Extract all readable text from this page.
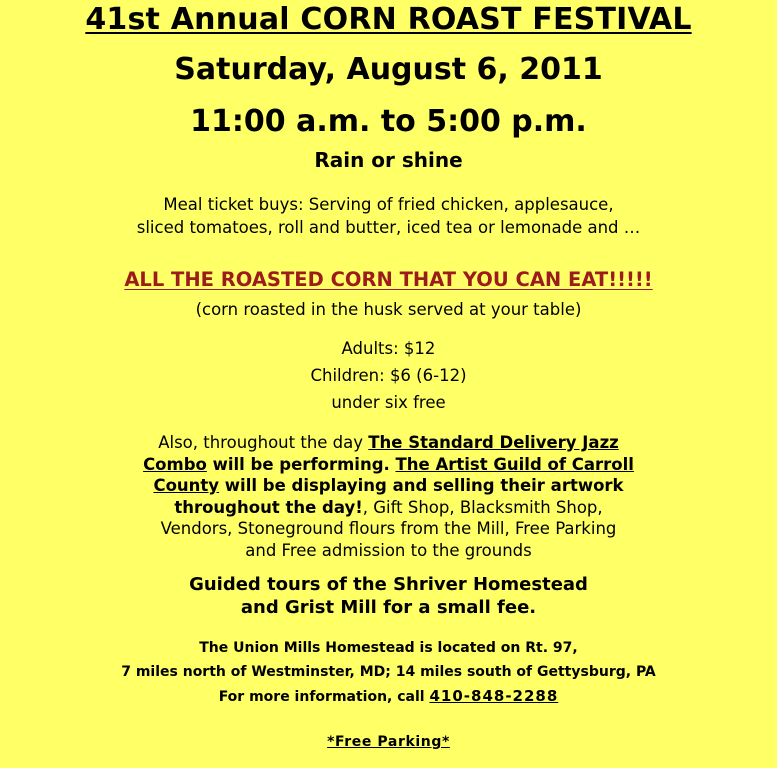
41st Annual CORN ROAST FESTIVAL
Saturday, August 6, 2011
11:00 a.m. to 5:00 p.m.
Rain or shine
Meal ticket buys: Serving of fried chicken, applesauce,
sliced tomatoes, roll and butter, iced tea or lemonade and …
ALL THE ROASTED CORN THAT YOU CAN EAT!!!!!
(corn roasted in the husk served at your table)
Adults: $12
Children: $6 (6-12)
under six free
Also, throughout the day The Standard Delivery Jazz
Combo will be performing. The Artist Guild of Carroll
County will be displaying and selling their artwork
throughout the day!, Gift Shop, Blacksmith Shop,
Vendors, Stoneground flours from the Mill, Free Parking
and Free admission to the grounds
Guided tours of the Shriver Homestead
and Grist Mill for a small fee.
The Union Mills Homestead is located on Rt. 97,
7 miles north of Westminster, MD; 14 miles south of Gettysburg, PA
For more information, call 410-848-2288
*Free Parking*
